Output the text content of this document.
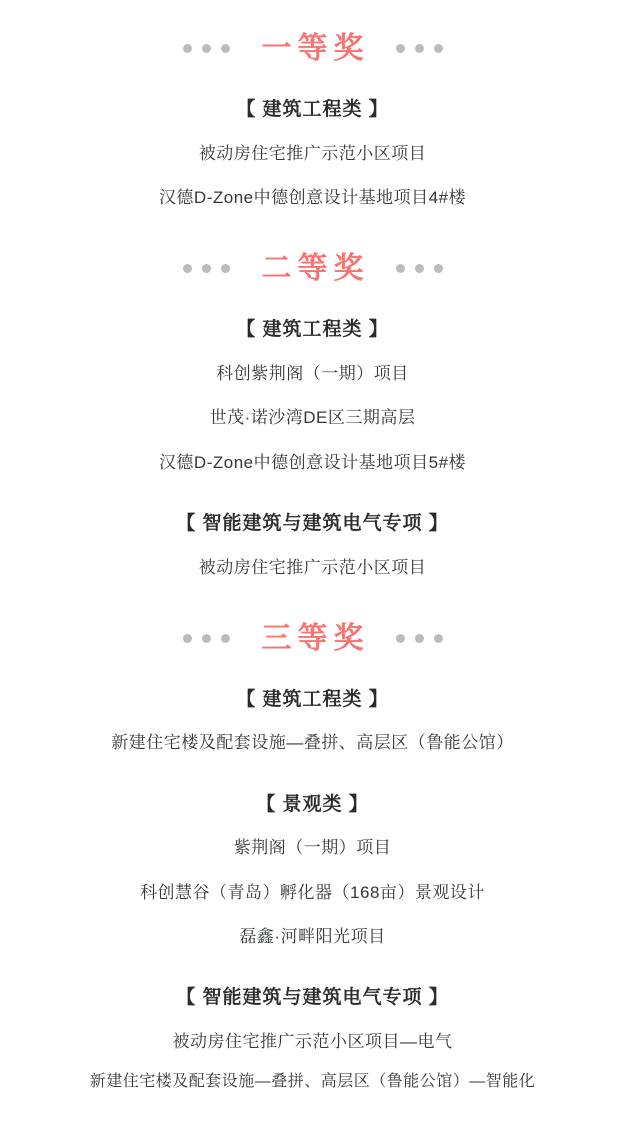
一等奖
【 建筑工程类 】
被动房住宅推广示范小区项目
汉德D-Zone中德创意设计基地项目4#楼
二等奖
【 建筑工程类 】
科创紫荆阁（一期）项目
世茂·诺沙湾DE区三期高层
汉德D-Zone中德创意设计基地项目5#楼
【 智能建筑与建筑电气专项 】
被动房住宅推广示范小区项目
三等奖
【 建筑工程类 】
新建住宅楼及配套设施—叠拼、高层区（鲁能公馆）
【 景观类 】
紫荆阁（一期）项目
科创慧谷（青岛）孵化器（168亩）景观设计
磊鑫·河畔阳光项目
【 智能建筑与建筑电气专项 】
被动房住宅推广示范小区项目—电气
新建住宅楼及配套设施—叠拼、高层区（鲁能公馆）—智能化
